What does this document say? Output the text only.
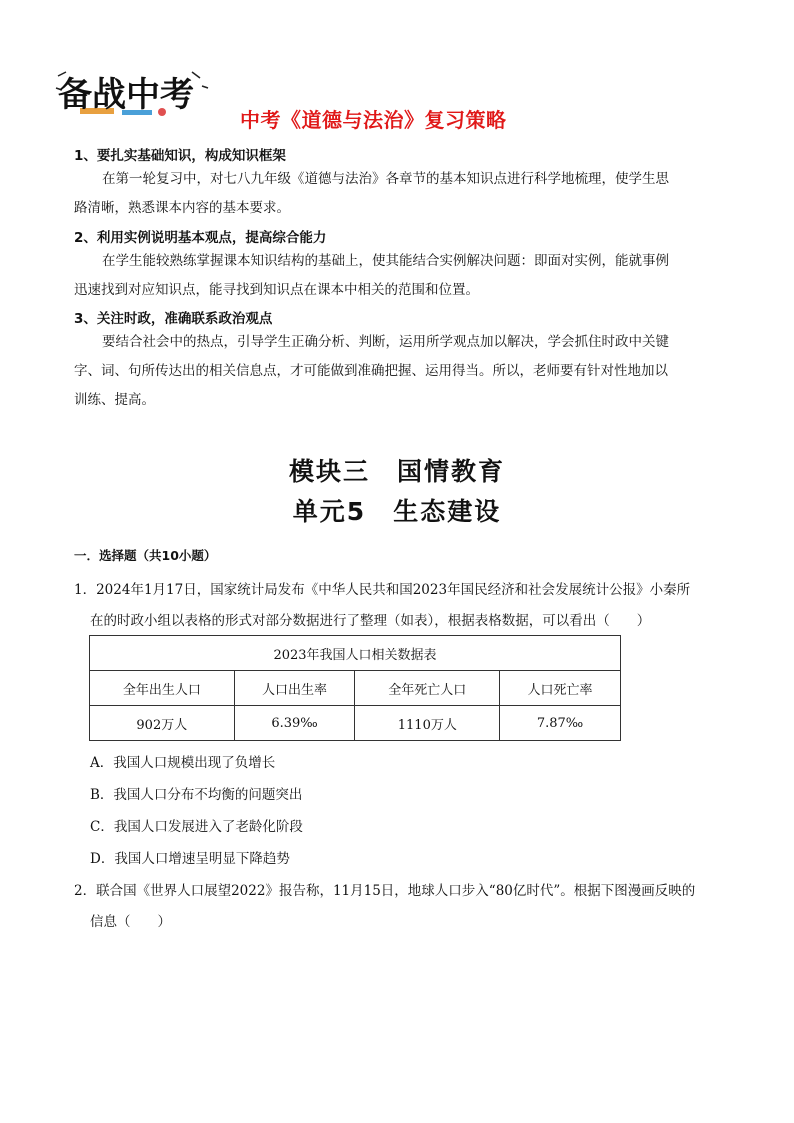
备战中考
中考《道德与法治》复习策略
1、要扎实基础知识，构成知识框架
在第一轮复习中，对七八九年级《道德与法治》各章节的基本知识点进行科学地梳理，使学生思
路清晰，熟悉课本内容的基本要求。
2、利用实例说明基本观点，提高综合能力
在学生能较熟练掌握课本知识结构的基础上，使其能结合实例解决问题：即面对实例，能就事例
迅速找到对应知识点，能寻找到知识点在课本中相关的范围和位置。
3、关注时政，准确联系政治观点
要结合社会中的热点，引导学生正确分析、判断，运用所学观点加以解决，学会抓住时政中关键
字、词、句所传达出的相关信息点，才可能做到准确把握、运用得当。所以，老师要有针对性地加以
训练、提高。
模块三　国情教育
单元5　生态建设
一．选择题（共10小题）
1．2024年1月17日，国家统计局发布《中华人民共和国2023年国民经济和社会发展统计公报》小秦所
在的时政小组以表格的形式对部分数据进行了整理（如表），根据表格数据，可以看出（　　）
2023年我国人口相关数据表			
全年出生人口	人口出生率	全年死亡人口	人口死亡率
902万人	6.39‰	1110万人	7.87‰
A．我国人口规模出现了负增长
B．我国人口分布不均衡的问题突出
C．我国人口发展进入了老龄化阶段
D．我国人口增速呈明显下降趋势
2．联合国《世界人口展望2022》报告称，11月15日，地球人口步入“80亿时代”。根据下图漫画反映的
信息（　　）
